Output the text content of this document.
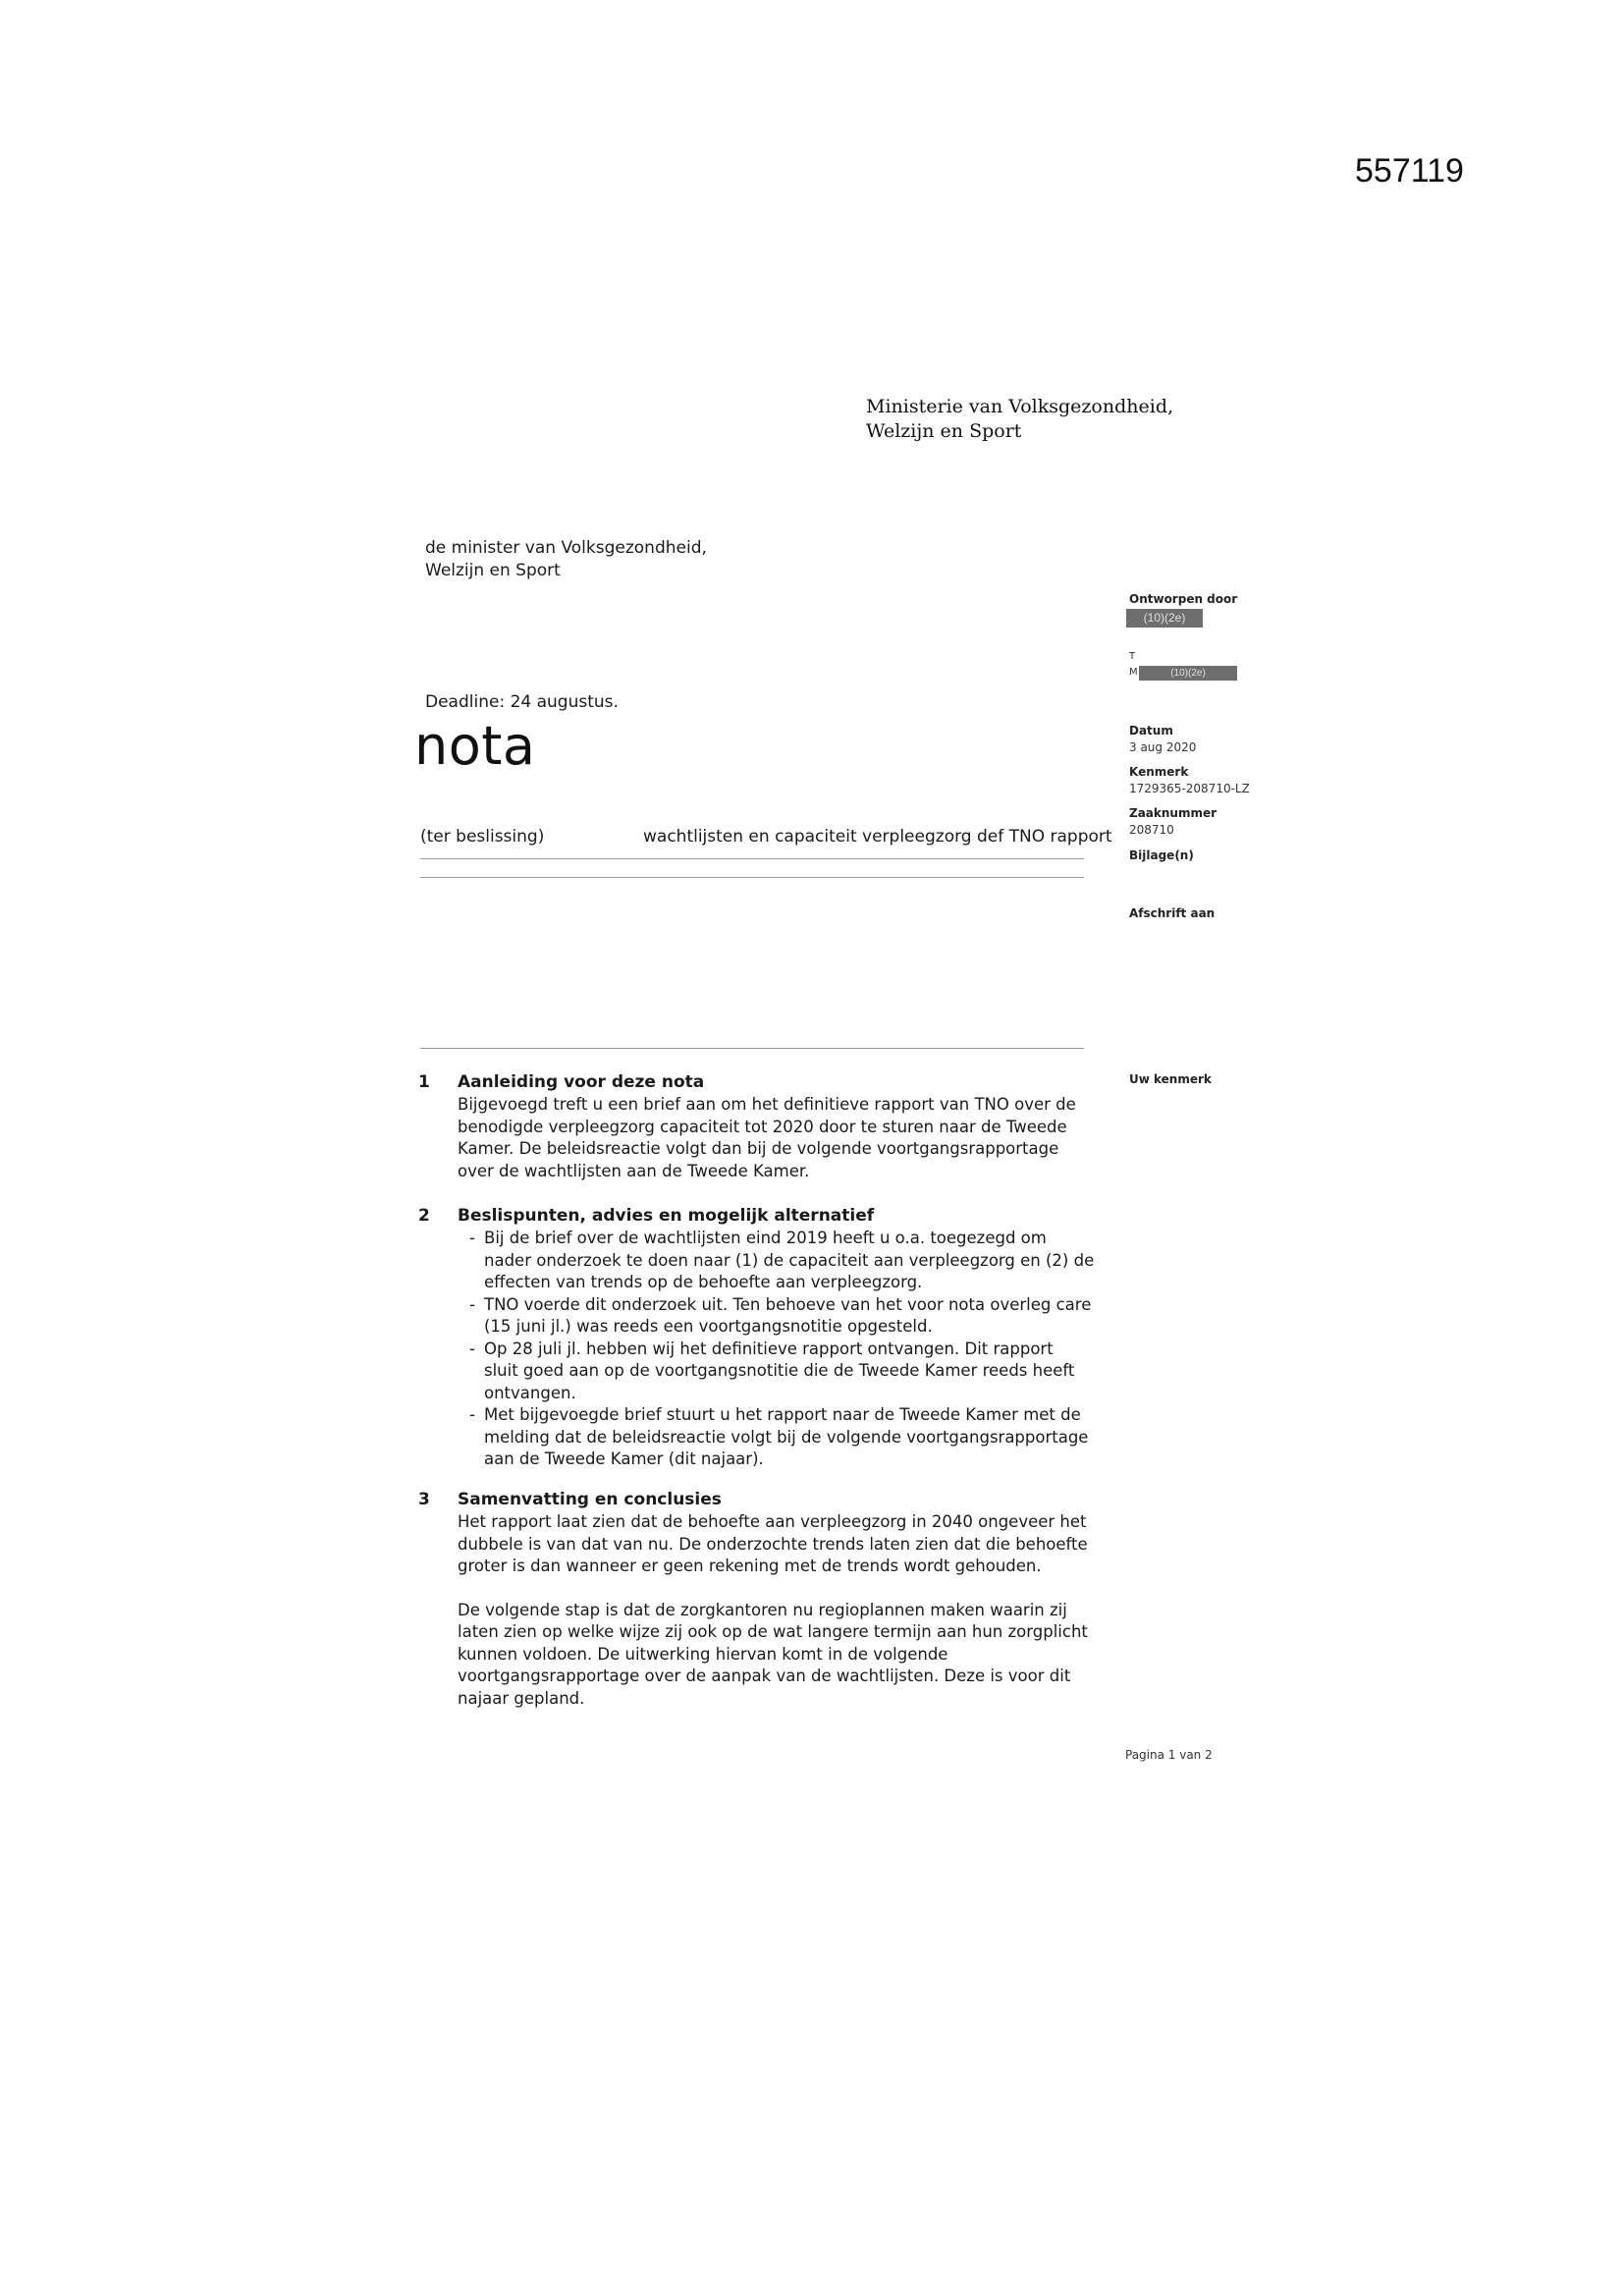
557119
Ministerie van Volksgezondheid,
Welzijn en Sport
de minister van Volksgezondheid,
Welzijn en Sport
Deadline: 24 augustus.
nota
(ter beslissing)	wachtlijsten en capaciteit verpleegzorg def TNO rapport
Ontworpen door
(10)(2e)
T
M	(10)(2e)
Datum
3 aug 2020
Kenmerk
1729365-208710-LZ
Zaaknummer
208710
Bijlage(n)
Afschrift aan
Uw kenmerk
1 Aanleiding voor deze nota
Bijgevoegd treft u een brief aan om het definitieve rapport van TNO over de
benodigde verpleegzorg capaciteit tot 2020 door te sturen naar de Tweede
Kamer. De beleidsreactie volgt dan bij de volgende voortgangsrapportage
over de wachtlijsten aan de Tweede Kamer.
2 Beslispunten, advies en mogelijk alternatief
- Bij de brief over de wachtlijsten eind 2019 heeft u o.a. toegezegd om
nader onderzoek te doen naar (1) de capaciteit aan verpleegzorg en (2) de
effecten van trends op de behoefte aan verpleegzorg.
- TNO voerde dit onderzoek uit. Ten behoeve van het voor nota overleg care
(15 juni jl.) was reeds een voortgangsnotitie opgesteld.
- Op 28 juli jl. hebben wij het definitieve rapport ontvangen. Dit rapport
sluit goed aan op de voortgangsnotitie die de Tweede Kamer reeds heeft
ontvangen.
- Met bijgevoegde brief stuurt u het rapport naar de Tweede Kamer met de
melding dat de beleidsreactie volgt bij de volgende voortgangsrapportage
aan de Tweede Kamer (dit najaar).
3 Samenvatting en conclusies
Het rapport laat zien dat de behoefte aan verpleegzorg in 2040 ongeveer het
dubbele is van dat van nu. De onderzochte trends laten zien dat die behoefte
groter is dan wanneer er geen rekening met de trends wordt gehouden.
De volgende stap is dat de zorgkantoren nu regioplannen maken waarin zij
laten zien op welke wijze zij ook op de wat langere termijn aan hun zorgplicht
kunnen voldoen. De uitwerking hiervan komt in de volgende
voortgangsrapportage over de aanpak van de wachtlijsten. Deze is voor dit
najaar gepland.
Pagina 1 van 2
